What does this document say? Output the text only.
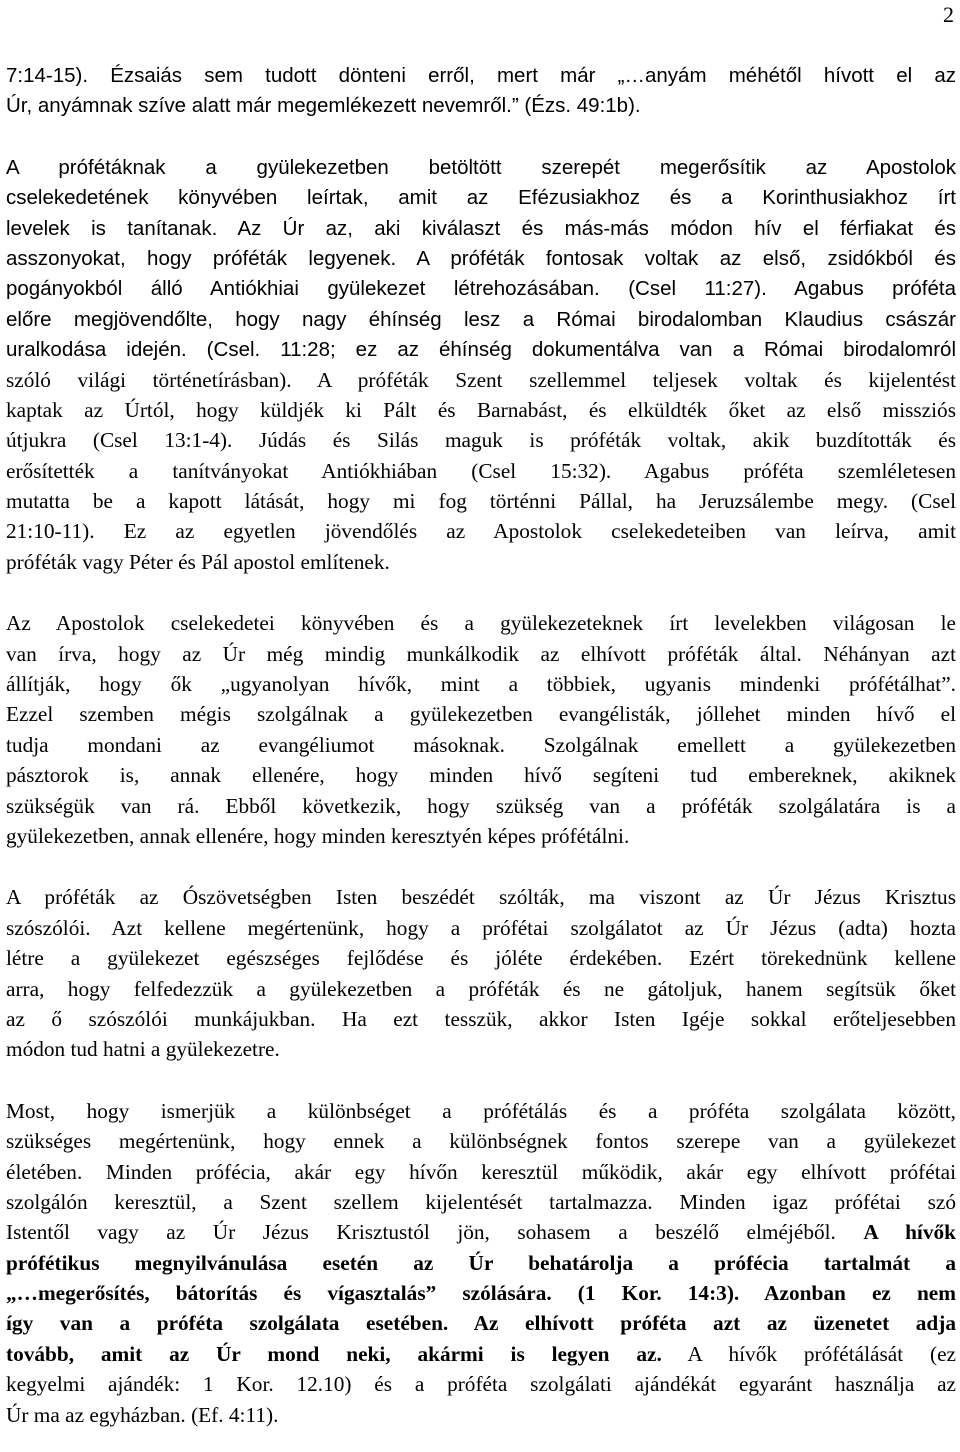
2
7:14-15). Ézsaiás sem tudott dönteni erről, mert már „…anyám méhétől hívott el az
Úr, anyámnak szíve alatt már megemlékezett nevemről.” (Ézs. 49:1b).
A prófétáknak a gyülekezetben betöltött szerepét megerősítik az Apostolok
cselekedetének könyvében leírtak, amit az Efézusiakhoz és a Korinthusiakhoz írt
levelek is tanítanak. Az Úr az, aki kiválaszt és más-más módon hív el férfiakat és
asszonyokat, hogy próféták legyenek. A próféták fontosak voltak az első, zsidókból és
pogányokból álló Antiókhiai gyülekezet létrehozásában. (Csel 11:27). Agabus próféta
előre megjövendőlte, hogy nagy éhínség lesz a Római birodalomban Klaudius császár
uralkodása idején. (Csel. 11:28; ez az éhínség dokumentálva van a Római birodalomról
szóló világi történetírásban). A próféták Szent szellemmel teljesek voltak és kijelentést
kaptak az Úrtól, hogy küldjék ki Pált és Barnabást, és elküldték őket az első missziós
útjukra (Csel 13:1-4). Júdás és Silás maguk is próféták voltak, akik buzdították és
erősítették a tanítványokat Antiókhiában (Csel 15:32). Agabus próféta szemléletesen
mutatta be a kapott látását, hogy mi fog történni Pállal, ha Jeruzsálembe megy. (Csel
21:10-11). Ez az egyetlen jövendőlés az Apostolok cselekedeteiben van leírva, amit
próféták vagy Péter és Pál apostol említenek.
Az Apostolok cselekedetei könyvében és a gyülekezeteknek írt levelekben világosan le
van írva, hogy az Úr még mindig munkálkodik az elhívott próféták által. Néhányan azt
állítják, hogy ők „ugyanolyan hívők, mint a többiek, ugyanis mindenki prófétálhat”.
Ezzel szemben mégis szolgálnak a gyülekezetben evangélisták, jóllehet minden hívő el
tudja mondani az evangéliumot másoknak. Szolgálnak emellett a gyülekezetben
pásztorok is, annak ellenére, hogy minden hívő segíteni tud embereknek, akiknek
szükségük van rá. Ebből következik, hogy szükség van a próféták szolgálatára is a
gyülekezetben, annak ellenére, hogy minden keresztyén képes prófétálni.
A próféták az Ószövetségben Isten beszédét szólták, ma viszont az Úr Jézus Krisztus
szószólói. Azt kellene megértenünk, hogy a prófétai szolgálatot az Úr Jézus (adta) hozta
létre a gyülekezet egészséges fejlődése és jóléte érdekében. Ezért törekednünk kellene
arra, hogy felfedezzük a gyülekezetben a próféták és ne gátoljuk, hanem segítsük őket
az ő szószólói munkájukban. Ha ezt tesszük, akkor Isten Igéje sokkal erőteljesebben
módon tud hatni a gyülekezetre.
Most, hogy ismerjük a különbséget a prófétálás és a próféta szolgálata között,
szükséges megértenünk, hogy ennek a különbségnek fontos szerepe van a gyülekezet
életében. Minden prófécia, akár egy hívőn keresztül működik, akár egy elhívott prófétai
szolgálón keresztül, a Szent szellem kijelentését tartalmazza. Minden igaz prófétai szó
Istentől vagy az Úr Jézus Krisztustól jön, sohasem a beszélő elméjéből. A hívők
prófétikus megnyilvánulása esetén az Úr behatárolja a prófécia tartalmát a
„…megerősítés, bátorítás és vígasztalás” szólására. (1 Kor. 14:3). Azonban ez nem
így van a próféta szolgálata esetében. Az elhívott próféta azt az üzenetet adja
tovább, amit az Úr mond neki, akármi is legyen az. A hívők prófétálását (ez
kegyelmi ajándék: 1 Kor. 12.10) és a próféta szolgálati ajándékát egyaránt használja az
Úr ma az egyházban. (Ef. 4:11).
